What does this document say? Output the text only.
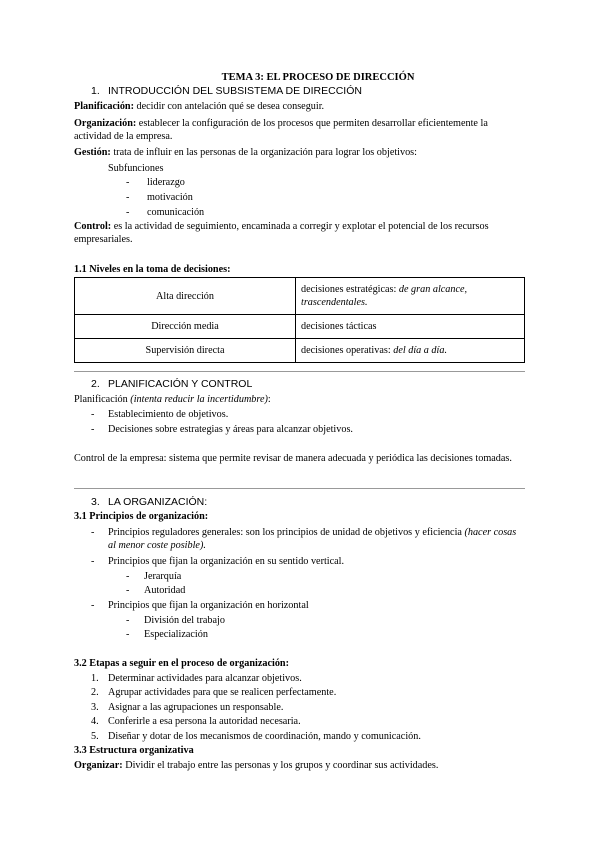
TEMA 3: EL PROCESO DE DIRECCIÓN
1. INTRODUCCIÓN DEL SUBSISTEMA DE DIRECCIÓN
Planificación: decidir con antelación qué se desea conseguir.
Organización: establecer la configuración de los procesos que permiten desarrollar eficientemente la actividad de la empresa.
Gestión: trata de influir en las personas de la organización para lograr los objetivos:
Subfunciones
- liderazgo
- motivación
- comunicación
Control: es la actividad de seguimiento, encaminada a corregir y explotar el potencial de los recursos empresariales.
1.1 Niveles en la toma de decisiones:
Alta dirección	decisiones estratégicas: de gran alcance, trascendentales.
Dirección media	decisiones tácticas
Supervisión directa	decisiones operativas: del día a día.
2. PLANIFICACIÓN Y CONTROL
Planificación (intenta reducir la incertidumbre):
- Establecimiento de objetivos.
- Decisiones sobre estrategias y áreas para alcanzar objetivos.
Control de la empresa: sistema que permite revisar de manera adecuada y periódica las decisiones tomadas.
3. LA ORGANIZACIÓN:
3.1 Principios de organización:
- Principios reguladores generales: son los principios de unidad de objetivos y eficiencia (hacer cosas al menor coste posible).
- Principios que fijan la organización en su sentido vertical.
- Jerarquía
- Autoridad
- Principios que fijan la organización en horizontal
- División del trabajo
- Especialización
3.2 Etapas a seguir en el proceso de organización:
1. Determinar actividades para alcanzar objetivos.
2. Agrupar actividades para que se realicen perfectamente.
3. Asignar a las agrupaciones un responsable.
4. Conferirle a esa persona la autoridad necesaria.
5. Diseñar y dotar de los mecanismos de coordinación, mando y comunicación.
3.3 Estructura organizativa
Organizar: Dividir el trabajo entre las personas y los grupos y coordinar sus actividades.
